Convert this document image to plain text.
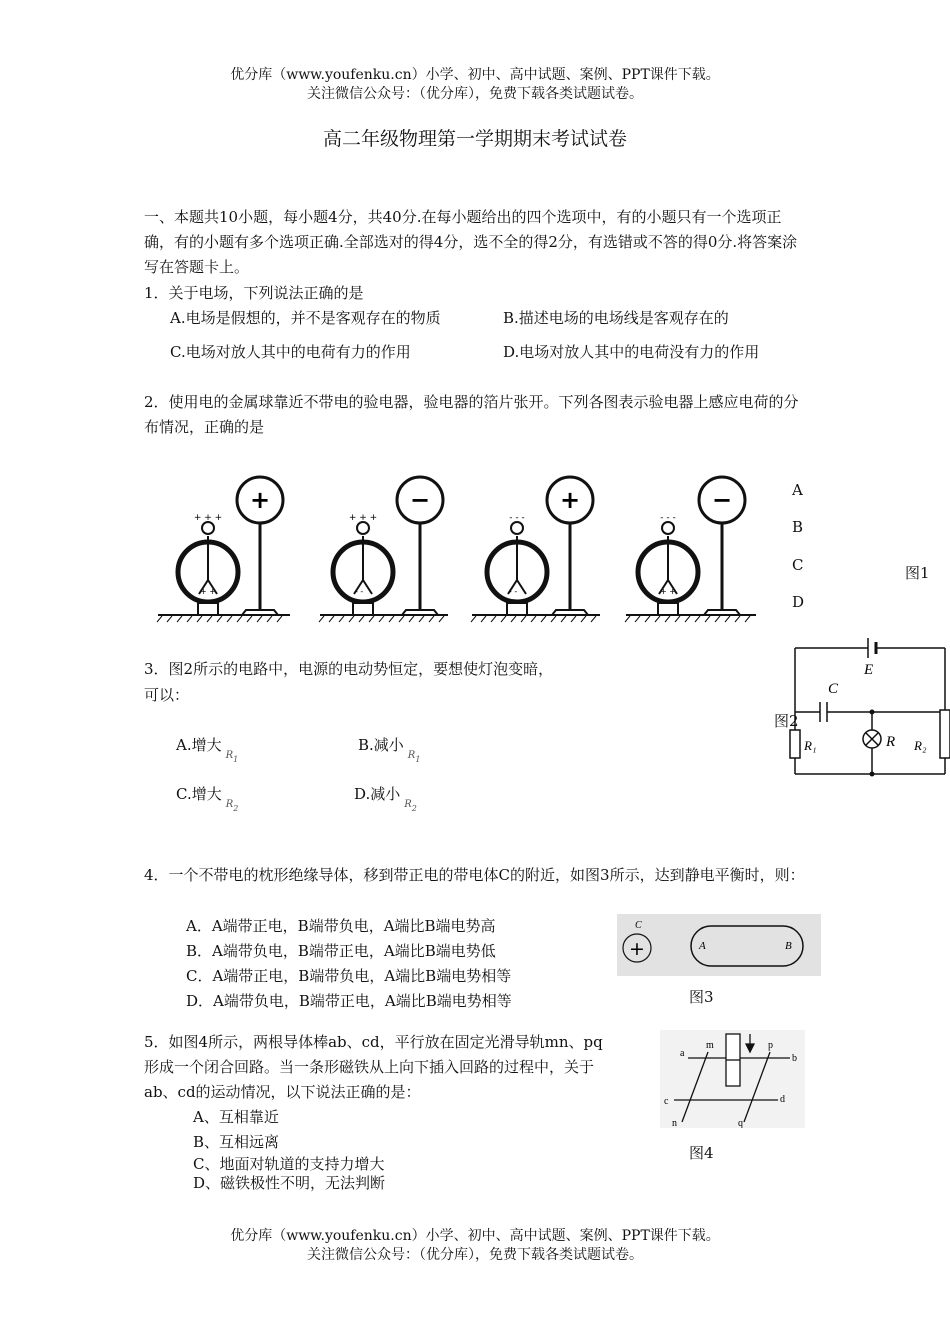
优分库（www.youfenku.cn）小学、初中、高中试题、案例、PPT课件下载。
关注微信公众号：（优分库），免费下载各类试题试卷。
高二年级物理第一学期期末考试试卷
一、本题共10小题，每小题4分，共40分.在每小题给出的四个选项中，有的小题只有一个选项正确，有的小题有多个选项正确.全部选对的得4分，选不全的得2分，有选错或不答的得0分.将答案涂写在答题卡上。
1．关于电场，下列说法正确的是
A.电场是假想的，并不是客观存在的物质	B.描述电场的电场线是客观存在的
C.电场对放人其中的电荷有力的作用	D.电场对放人其中的电荷没有力的作用
2．使用电的金属球靠近不带电的验电器，验电器的箔片张开。下列各图表示验电器上感应电荷的分布情况，正确的是
+ + +
+ +
+
+ + +
- -
−
- - -
- -
+
- - -
+ +
−	A
B
C
D
图1
3．图2所示的电路中，电源的电动势恒定，要想使灯泡变暗，
可以：
A.增大$_{R_1}$
B.减小$_{R_1}$
C.增大$_{R_2}$
D.减小$_{R_2}$
图2
E
C
R
R₁	R₂
4．一个不带电的枕形绝缘导体，移到带正电的带电体C的附近，如图3所示，达到静电平衡时，则：
A．A端带正电，B端带负电，A端比B端电势高
B．A端带负电，B端带正电，A端比B端电势低
C．A端带正电，B端带负电，A端比B端电势相等
D．A端带负电，B端带正电，A端比B端电势相等
+
C
A	B
图3
5．如图4所示，两根导体棒ab、cd，平行放在固定光滑导轨mn、pq
形成一个闭合回路。当一条形磁铁从上向下插入回路的过程中，关于
ab、cd的运动情况，以下说法正确的是：
A、互相靠近
B、互相远离
C、地面对轨道的支持力增大
D、磁铁极性不明，无法判断
a
m	p
b
c	d
n	q
图4
优分库（www.youfenku.cn）小学、初中、高中试题、案例、PPT课件下载。
关注微信公众号：（优分库），免费下载各类试题试卷。
